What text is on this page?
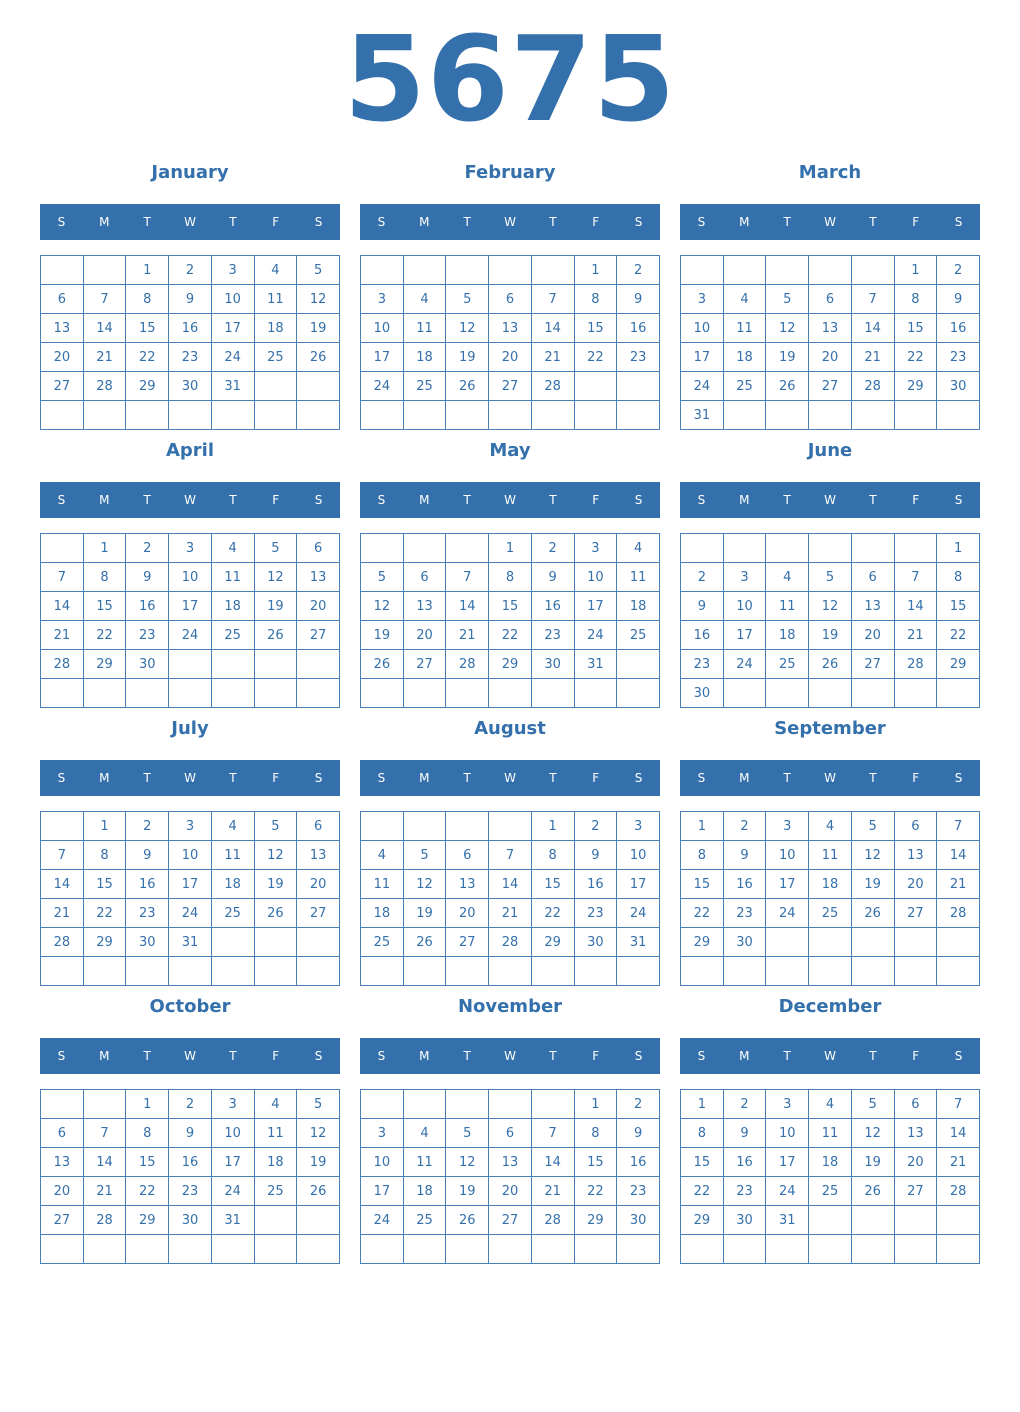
5675
January
S	M	T	W	T	F	S
		1	2	3	4	5
6	7	8	9	10	11	12
13	14	15	16	17	18	19
20	21	22	23	24	25	26
27	28	29	30	31		

February
S	M	T	W	T	F	S
					1	2
3	4	5	6	7	8	9
10	11	12	13	14	15	16
17	18	19	20	21	22	23
24	25	26	27	28		

March
S	M	T	W	T	F	S
					1	2
3	4	5	6	7	8	9
10	11	12	13	14	15	16
17	18	19	20	21	22	23
24	25	26	27	28	29	30
31						
April
S	M	T	W	T	F	S
	1	2	3	4	5	6
7	8	9	10	11	12	13
14	15	16	17	18	19	20
21	22	23	24	25	26	27
28	29	30				

May
S	M	T	W	T	F	S
			1	2	3	4
5	6	7	8	9	10	11
12	13	14	15	16	17	18
19	20	21	22	23	24	25
26	27	28	29	30	31	

June
S	M	T	W	T	F	S
						1
2	3	4	5	6	7	8
9	10	11	12	13	14	15
16	17	18	19	20	21	22
23	24	25	26	27	28	29
30						
July
S	M	T	W	T	F	S
	1	2	3	4	5	6
7	8	9	10	11	12	13
14	15	16	17	18	19	20
21	22	23	24	25	26	27
28	29	30	31			

August
S	M	T	W	T	F	S
				1	2	3
4	5	6	7	8	9	10
11	12	13	14	15	16	17
18	19	20	21	22	23	24
25	26	27	28	29	30	31

September
S	M	T	W	T	F	S
1	2	3	4	5	6	7
8	9	10	11	12	13	14
15	16	17	18	19	20	21
22	23	24	25	26	27	28
29	30					

October
S	M	T	W	T	F	S
		1	2	3	4	5
6	7	8	9	10	11	12
13	14	15	16	17	18	19
20	21	22	23	24	25	26
27	28	29	30	31		

November
S	M	T	W	T	F	S
					1	2
3	4	5	6	7	8	9
10	11	12	13	14	15	16
17	18	19	20	21	22	23
24	25	26	27	28	29	30

December
S	M	T	W	T	F	S
1	2	3	4	5	6	7
8	9	10	11	12	13	14
15	16	17	18	19	20	21
22	23	24	25	26	27	28
29	30	31				
